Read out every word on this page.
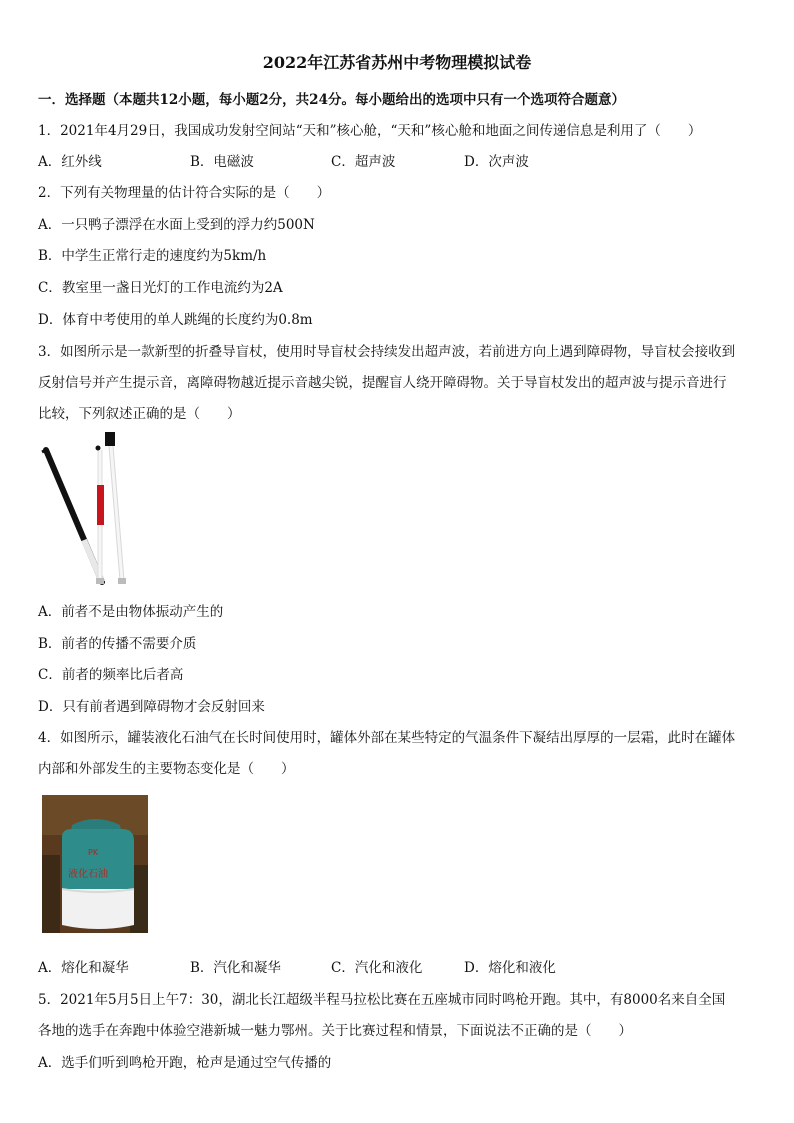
2022年江苏省苏州中考物理模拟试卷
一．选择题（本题共12小题，每小题2分，共24分。每小题给出的选项中只有一个选项符合题意）
1．2021年4月29日，我国成功发射空间站“天和”核心舱，“天和”核心舱和地面之间传递信息是利用了（　　）
A．红外线	B．电磁波	C．超声波	D．次声波
2．下列有关物理量的估计符合实际的是（　　）
A．一只鸭子漂浮在水面上受到的浮力约500N
B．中学生正常行走的速度约为5km/h
C．教室里一盏日光灯的工作电流约为2A
D．体育中考使用的单人跳绳的长度约为0.8m
3．如图所示是一款新型的折叠导盲杖，使用时导盲杖会持续发出超声波，若前进方向上遇到障碍物，导盲杖会接收到
反射信号并产生提示音，离障碍物越近提示音越尖锐，提醒盲人绕开障碍物。关于导盲杖发出的超声波与提示音进行
比较，下列叙述正确的是（　　）
A．前者不是由物体振动产生的
B．前者的传播不需要介质
C．前者的频率比后者高
D．只有前者遇到障碍物才会反射回来
4．如图所示，罐装液化石油气在长时间使用时，罐体外部在某些特定的气温条件下凝结出厚厚的一层霜，此时在罐体
内部和外部发生的主要物态变化是（　　）
PK
液化石油
A．熔化和凝华	B．汽化和凝华	C．汽化和液化	D．熔化和液化
5．2021年5月5日上午7：30，湖北长江超级半程马拉松比赛在五座城市同时鸣枪开跑。其中，有8000名来自全国
各地的选手在奔跑中体验空港新城一魅力鄂州。关于比赛过程和情景，下面说法不正确的是（　　）
A．选手们听到鸣枪开跑，枪声是通过空气传播的
